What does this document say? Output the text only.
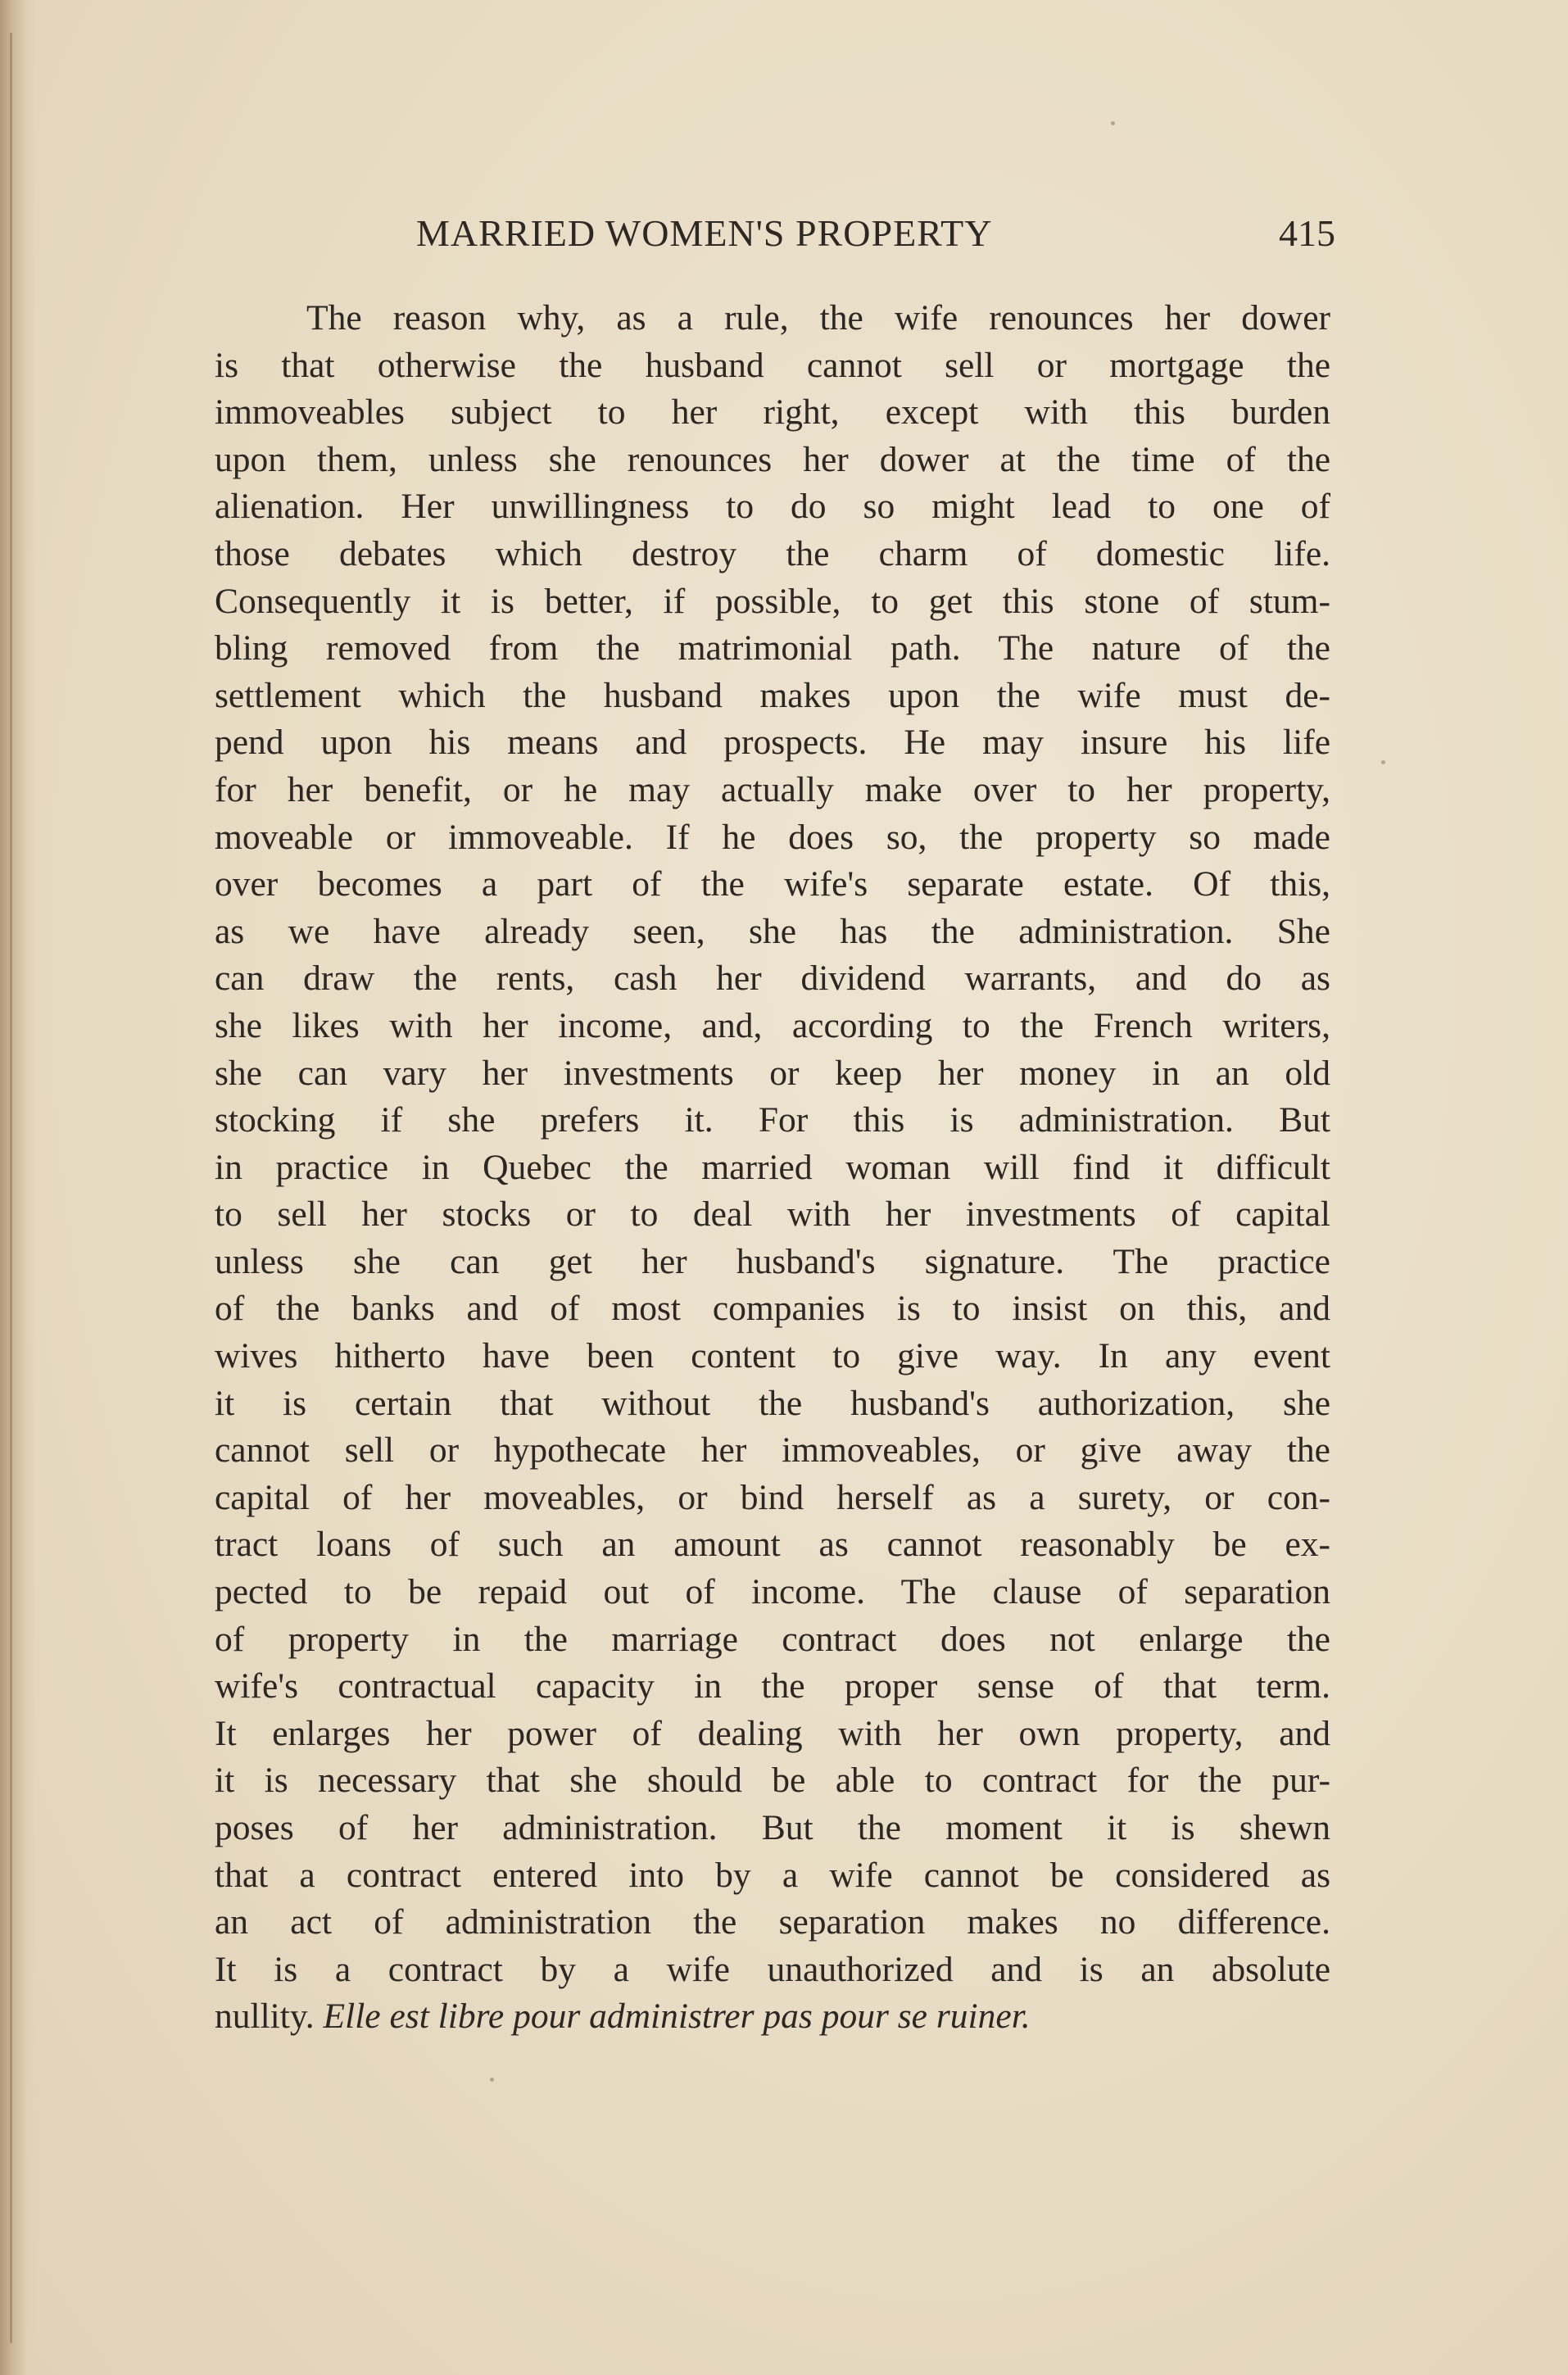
MARRIED WOMEN'S PROPERTY	415
The reason why, as a rule, the wife renounces her dower
is that otherwise the husband cannot sell or mortgage the
immoveables subject to her right, except with this burden
upon them, unless she renounces her dower at the time of the
alienation. Her unwillingness to do so might lead to one of
those debates which destroy the charm of domestic life.
Consequently it is better, if possible, to get this stone of stum-
bling removed from the matrimonial path. The nature of the
settlement which the husband makes upon the wife must de-
pend upon his means and prospects. He may insure his life
for her benefit, or he may actually make over to her property,
moveable or immoveable. If he does so, the property so made
over becomes a part of the wife's separate estate. Of this,
as we have already seen, she has the administration. She
can draw the rents, cash her dividend warrants, and do as
she likes with her income, and, according to the French writers,
she can vary her investments or keep her money in an old
stocking if she prefers it. For this is administration. But
in practice in Quebec the married woman will find it difficult
to sell her stocks or to deal with her investments of capital
unless she can get her husband's signature. The practice
of the banks and of most companies is to insist on this, and
wives hitherto have been content to give way. In any event
it is certain that without the husband's authorization, she
cannot sell or hypothecate her immoveables, or give away the
capital of her moveables, or bind herself as a surety, or con-
tract loans of such an amount as cannot reasonably be ex-
pected to be repaid out of income. The clause of separation
of property in the marriage contract does not enlarge the
wife's contractual capacity in the proper sense of that term.
It enlarges her power of dealing with her own property, and
it is necessary that she should be able to contract for the pur-
poses of her administration. But the moment it is shewn
that a contract entered into by a wife cannot be considered as
an act of administration the separation makes no difference.
It is a contract by a wife unauthorized and is an absolute
nullity. Elle est libre pour administrer pas pour se ruiner.
